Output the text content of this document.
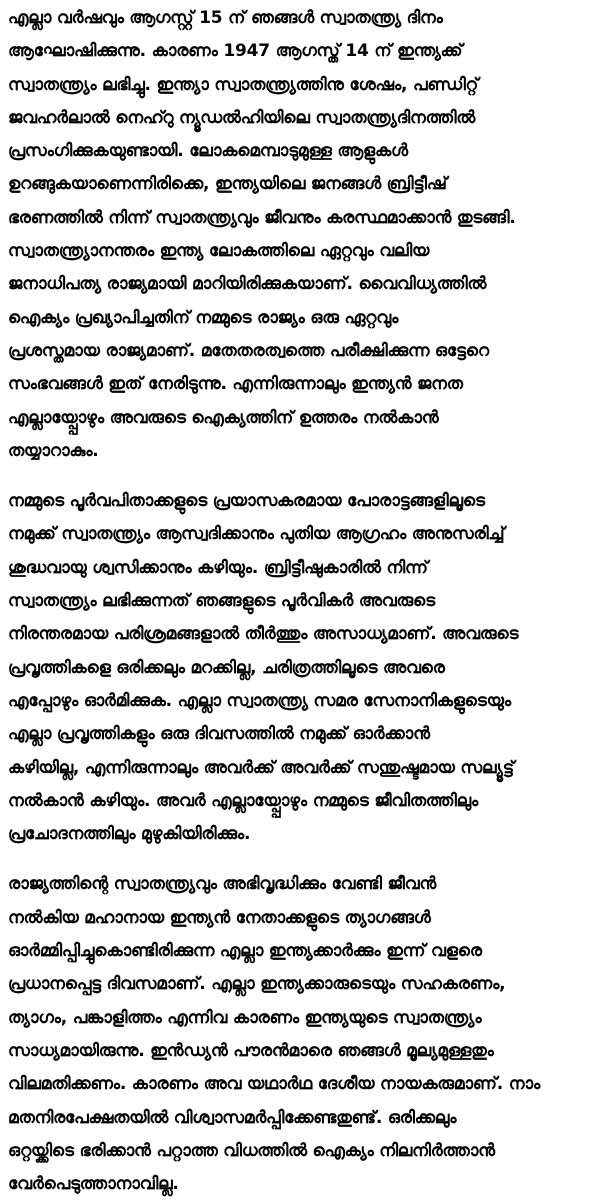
എല്ലാ വർഷവും ആഗസ്റ്റ് 15 ന് ഞങ്ങൾ സ്വാതന്ത്ര്യ ദിനം
ആഘോഷിക്കുന്നു. കാരണം 1947 ആഗസ്ത് 14 ന് ഇന്ത്യക്ക്
സ്വാതന്ത്ര്യം ലഭിച്ചു. ഇന്ത്യാ സ്വാതന്ത്ര്യത്തിനു ശേഷം, പണ്ഡിറ്റ്
ജവഹർലാൽ നെഹ്റു ന്യൂഡൽഹിയിലെ സ്വാതന്ത്ര്യദിനത്തിൽ
പ്രസംഗിക്കുകയുണ്ടായി. ലോകമെമ്പാടുമുള്ള ആളുകൾ
ഉറങ്ങുകയാണെന്നിരിക്കെ, ഇന്ത്യയിലെ ജനങ്ങൾ ബ്രിട്ടീഷ്
ഭരണത്തിൽ നിന്ന് സ്വാതന്ത്ര്യവും ജീവനും കരസ്ഥമാക്കാൻ തുടങ്ങി.
സ്വാതന്ത്ര്യാനന്തരം ഇന്ത്യ ലോകത്തിലെ ഏറ്റവും വലിയ
ജനാധിപത്യ രാജ്യമായി മാറിയിരിക്കുകയാണ്. വൈവിധ്യത്തിൽ
ഐക്യം പ്രഖ്യാപിച്ചതിന് നമ്മുടെ രാജ്യം ഒരു ഏറ്റവും
പ്രശസ്തമായ രാജ്യമാണ്. മതേതരത്വത്തെ പരീക്ഷിക്കുന്ന ഒട്ടേറെ
സംഭവങ്ങൾ ഇത് നേരിടുന്നു. എന്നിരുന്നാലും ഇന്ത്യൻ ജനത
എല്ലായ്പ്പോഴും അവരുടെ ഐക്യത്തിന് ഉത്തരം നൽകാൻ
തയ്യാറാകും.
നമ്മുടെ പൂർവപിതാക്കളുടെ പ്രയാസകരമായ പോരാട്ടങ്ങളിലൂടെ
നമുക്ക് സ്വാതന്ത്ര്യം ആസ്വദിക്കാനും പുതിയ ആഗ്രഹം അനുസരിച്ച്
ശുദ്ധവായു ശ്വസിക്കാനും കഴിയും. ബ്രിട്ടീഷുകാരിൽ നിന്ന്
സ്വാതന്ത്ര്യം ലഭിക്കുന്നത് ഞങ്ങളുടെ പൂർവികർ അവരുടെ
നിരന്തരമായ പരിശ്രമങ്ങളാൽ തീർത്തും അസാധ്യമാണ്. അവരുടെ
പ്രവൃത്തികളെ ഒരിക്കലും മറക്കില്ല, ചരിത്രത്തിലൂടെ അവരെ
എപ്പോഴും ഓർമിക്കുക. എല്ലാ സ്വാതന്ത്ര്യ സമര സേനാനികളുടെയും
എല്ലാ പ്രവൃത്തികളും ഒരു ദിവസത്തിൽ നമുക്ക് ഓർക്കാൻ
കഴിയില്ല, എന്നിരുന്നാലും അവർക്ക് അവർക്ക് സന്തുഷ്ടമായ സല്യൂട്ട്
നൽകാൻ കഴിയും. അവർ എല്ലായ്പ്പോഴും നമ്മുടെ ജീവിതത്തിലും
പ്രചോദനത്തിലും മുഴുകിയിരിക്കും.
രാജ്യത്തിന്റെ സ്വാതന്ത്ര്യവും അഭിവൃദ്ധിക്കും വേണ്ടി ജീവൻ
നൽകിയ മഹാനായ ഇന്ത്യൻ നേതാക്കളുടെ ത്യാഗങ്ങൾ
ഓർമ്മിപ്പിച്ചുകൊണ്ടിരിക്കുന്ന എല്ലാ ഇന്ത്യക്കാർക്കും ഇന്ന് വളരെ
പ്രധാനപ്പെട്ട ദിവസമാണ്. എല്ലാ ഇന്ത്യക്കാരുടെയും സഹകരണം,
ത്യാഗം, പങ്കാളിത്തം എന്നിവ കാരണം ഇന്ത്യയുടെ സ്വാതന്ത്ര്യം
സാധ്യമായിരുന്നു. ഇൻഡ്യൻ പൗരൻമാരെ ഞങ്ങൾ മൂല്യമുള്ളതും
വിലമതിക്കണം. കാരണം അവ യഥാർഥ ദേശീയ നായകരുമാണ്. നാം
മതനിരപേക്ഷതയിൽ വിശ്വാസമർപ്പിക്കേണ്ടതുണ്ട്. ഒരിക്കലും
ഒറ്റയ്ക്കിടെ ഭരിക്കാൻ പറ്റാത്ത വിധത്തിൽ ഐക്യം നിലനിർത്താൻ
വേർപെടുത്താനാവില്ല.
